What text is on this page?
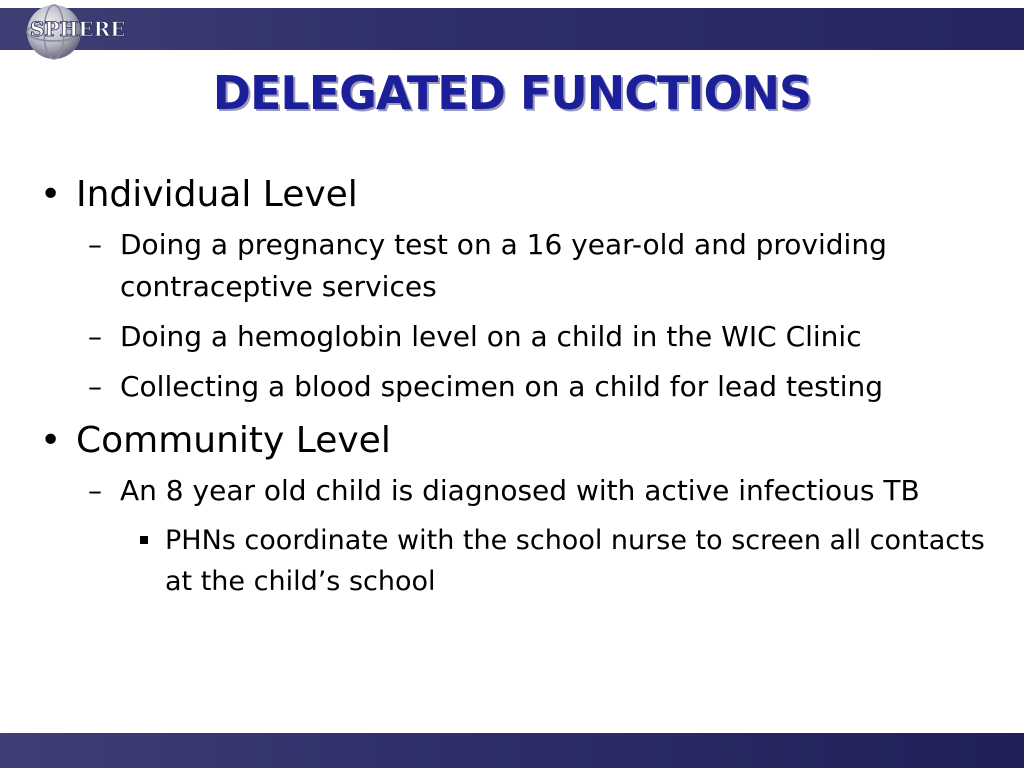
SPHERE
DELEGATED FUNCTIONS
• Individual Level
– Doing a pregnancy test on a 16 year-old and providing contraceptive services
– Doing a hemoglobin level on a child in the WIC Clinic
– Collecting a blood specimen on a child for lead testing
• Community Level
– An 8 year old child is diagnosed with active infectious TB
PHNs coordinate with the school nurse to screen all contacts at the child’s school
